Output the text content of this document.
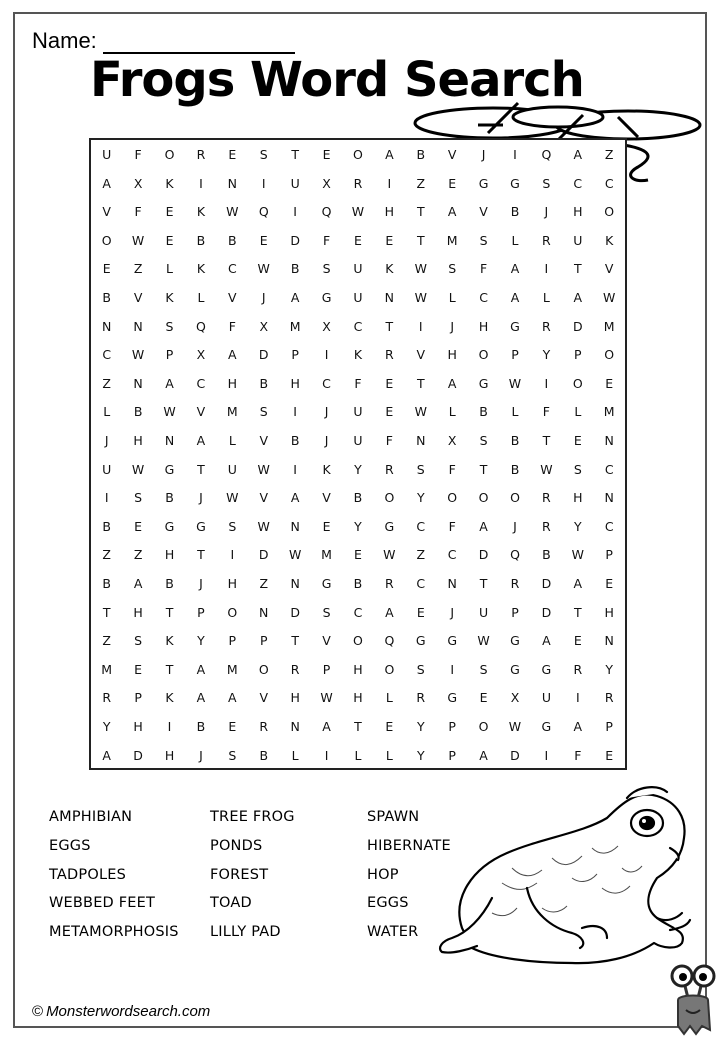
Name:
Frogs Word Search
U	F	O	R	E	S	T	E	O	A	B	V	J	I	Q	A	Z
A	X	K	I	N	I	U	X	R	I	Z	E	G	G	S	C	C
V	F	E	K	W	Q	I	Q	W	H	T	A	V	B	J	H	O
O	W	E	B	B	E	D	F	E	E	T	M	S	L	R	U	K
E	Z	L	K	C	W	B	S	U	K	W	S	F	A	I	T	V
B	V	K	L	V	J	A	G	U	N	W	L	C	A	L	A	W
N	N	S	Q	F	X	M	X	C	T	I	J	H	G	R	D	M
C	W	P	X	A	D	P	I	K	R	V	H	O	P	Y	P	O
Z	N	A	C	H	B	H	C	F	E	T	A	G	W	I	O	E
L	B	W	V	M	S	I	J	U	E	W	L	B	L	F	L	M
J	H	N	A	L	V	B	J	U	F	N	X	S	B	T	E	N
U	W	G	T	U	W	I	K	Y	R	S	F	T	B	W	S	C
I	S	B	J	W	V	A	V	B	O	Y	O	O	O	R	H	N
B	E	G	G	S	W	N	E	Y	G	C	F	A	J	R	Y	C
Z	Z	H	T	I	D	W	M	E	W	Z	C	D	Q	B	W	P
B	A	B	J	H	Z	N	G	B	R	C	N	T	R	D	A	E
T	H	T	P	O	N	D	S	C	A	E	J	U	P	D	T	H
Z	S	K	Y	P	P	T	V	O	Q	G	G	W	G	A	E	N
M	E	T	A	M	O	R	P	H	O	S	I	S	G	G	R	Y
R	P	K	A	A	V	H	W	H	L	R	G	E	X	U	I	R
Y	H	I	B	E	R	N	A	T	E	Y	P	O	W	G	A	P
A	D	H	J	S	B	L	I	L	L	Y	P	A	D	I	F	E
AMPHIBIAN
EGGS
TADPOLES
WEBBED FEET
METAMORPHOSIS
TREE FROG
PONDS
FOREST
TOAD
LILLY PAD
SPAWN
HIBERNATE
HOP
EGGS
WATER
© Monsterwordsearch.com
